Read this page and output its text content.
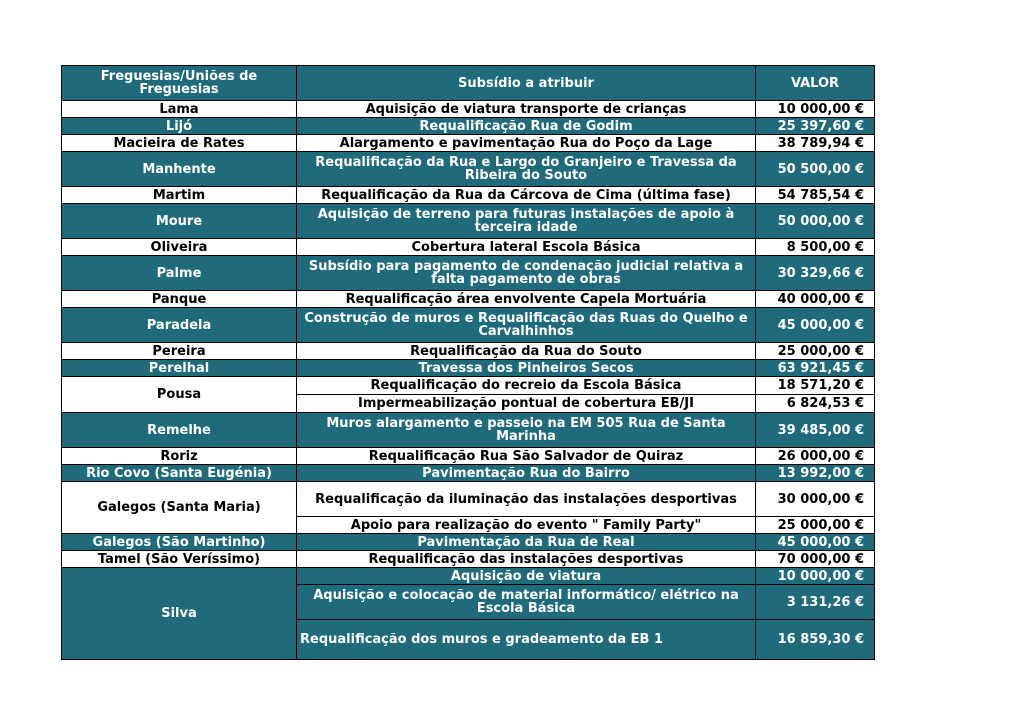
Freguesias/Uniões de Freguesias	Subsídio a atribuir	VALOR
Lama	Aquisição de viatura transporte de crianças	10 000,00 €
Lijó	Requalificação Rua de Godim	25 397,60 €
Macieira de Rates	Alargamento e pavimentação Rua do Poço da Lage	38 789,94 €
Manhente	Requalificação da Rua e Largo do Granjeiro e Travessa da Ribeira do Souto	50 500,00 €
Martim	Requalificação da Rua da Cárcova de Cima (última fase)	54 785,54 €
Moure	Aquisição de terreno para futuras instalações de apoio à terceira idade	50 000,00 €
Oliveira	Cobertura lateral Escola Básica	8 500,00 €
Palme	Subsídio para pagamento de condenação judicial relativa a falta pagamento de obras	30 329,66 €
Panque	Requalificação área envolvente Capela Mortuária	40 000,00 €
Paradela	Construção de muros e Requalificação das Ruas do Quelho e Carvalhinhos	45 000,00 €
Pereira	Requalificação da Rua do Souto	25 000,00 €
Perelhal	Travessa dos Pinheiros Secos	63 921,45 €
Pousa	Requalificação do recreio da Escola Básica	18 571,20 €
	Impermeabilização pontual de cobertura EB/JI	6 824,53 €
Remelhe	Muros alargamento e passeio na EM 505 Rua de Santa Marinha	39 485,00 €
Roriz	Requalificação Rua São Salvador de Quiraz	26 000,00 €
Rio Covo (Santa Eugénia)	Pavimentação Rua do Bairro	13 992,00 €
Galegos (Santa Maria)	Requalificação da iluminação das instalações desportivas	30 000,00 €
	Apoio para realização do evento " Family Party"	25 000,00 €
Galegos (São Martinho)	Pavimentação da Rua de Real	45 000,00 €
Tamel (São Veríssimo)	Requalificação das instalações desportivas	70 000,00 €
Silva	Aquisição de viatura	10 000,00 €
	Aquisição e colocação de material informático/ elétrico na Escola Básica	3 131,26 €
	Requalificação dos muros e gradeamento da EB 1	16 859,30 €
